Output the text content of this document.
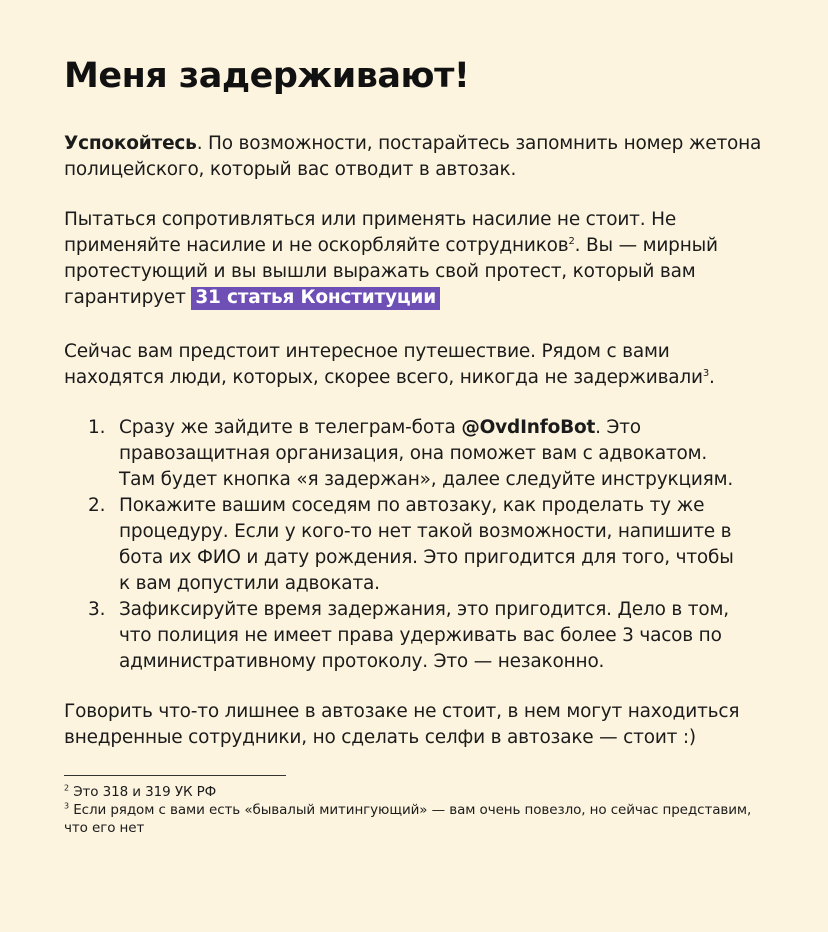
Меня задерживают!

Успокойтесь. По возможности, постарайтесь запомнить номер жетона полицейского, который вас отводит в автозак.

Пытаться сопротивляться или применять насилие не стоит. Не применяйте насилие и не оскорбляйте сотрудников$^2$. Вы — мирный протестующий и вы вышли выражать свой протест, который вам гарантирует 31 статья Конституции

Сейчас вам предстоит интересное путешествие. Рядом с вами находятся люди, которых, скорее всего, никогда не задерживали$^3$.

1. Сразу же зайдите в телеграм-бота @OvdInfoBot. Это правозащитная организация, она поможет вам с адвокатом. Там будет кнопка «я задержан», далее следуйте инструкциям.
2. Покажите вашим соседям по автозаку, как проделать ту же процедуру. Если у кого-то нет такой возможности, напишите в бота их ФИО и дату рождения. Это пригодится для того, чтобы к вам допустили адвоката.
3. Зафиксируйте время задержания, это пригодится. Дело в том, что полиция не имеет права удерживать вас более 3 часов по административному протоколу. Это — незаконно.

Говорить что-то лишнее в автозаке не стоит, в нем могут находиться внедренные сотрудники, но сделать селфи в автозаке — стоит :)

$^2$ Это 318 и 319 УК РФ

$^3$ Если рядом с вами есть «бывалый митингующий» — вам очень повезло, но сейчас представим, что его нет
